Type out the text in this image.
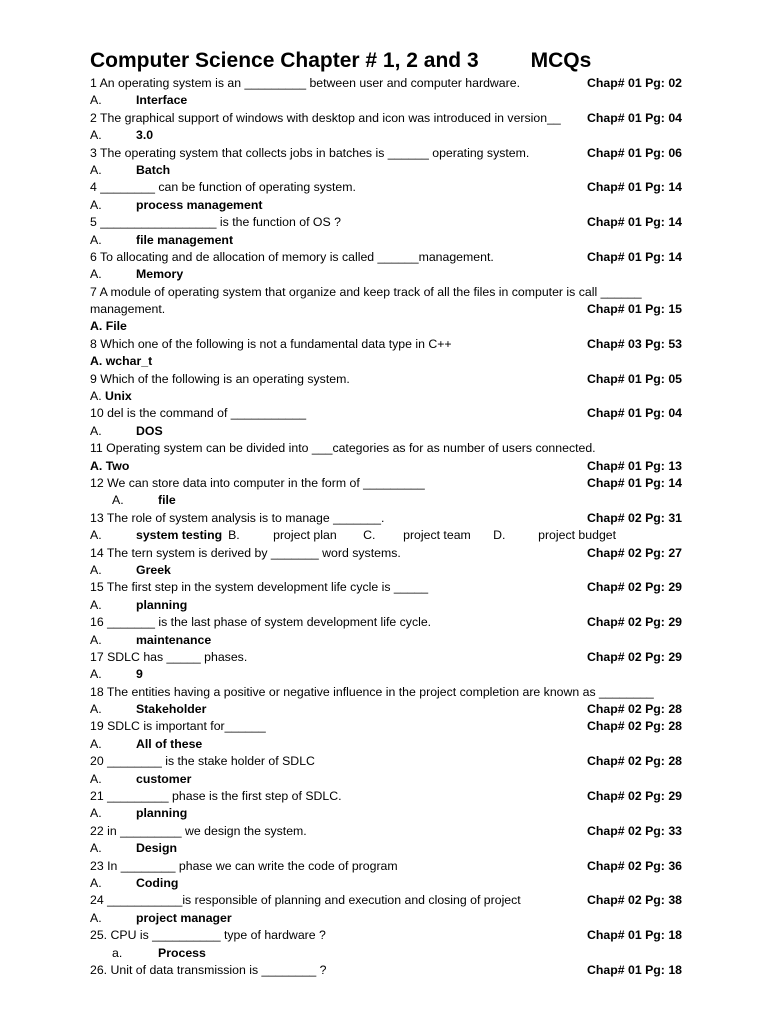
Computer Science Chapter # 1, 2 and 3 MCQs
1 An operating system is an _________ between user and computer hardware.	Chap# 01 Pg: 02
A.	Interface
2 The graphical support of windows with desktop and icon was introduced in version__ Chap# 01 Pg: 04
A.	3.0
3 The operating system that collects jobs in batches is ______ operating system.	Chap# 01 Pg: 06
A.	Batch
4 ________ can be function of operating system.	Chap# 01 Pg: 14
A.	process management
5 _________________ is the function of OS ?	Chap# 01 Pg: 14
A.	file management
6 To allocating and de allocation of memory is called ______management.	Chap# 01 Pg: 14
A.	Memory
7 A module of operating system that organize and keep track of all the files in computer is call ______
management.	Chap# 01 Pg: 15
A. File
8 Which one of the following is not a fundamental data type in C++	Chap# 03 Pg: 53
A. wchar_t
9 Which of the following is an operating system.	Chap# 01 Pg: 05
A. Unix
10 del is the command of ___________	Chap# 01 Pg: 04
A.	DOS
11 Operating system can be divided into ___categories as for as number of users connected.
A. Two	Chap# 01 Pg: 13
12 We can store data into computer in the form of _________	Chap# 01 Pg: 14
A.	file
13 The role of system analysis is to manage _______.	Chap# 02 Pg: 31
A.	system testing B.	project plan C. project team D.	project budget
14 The tern system is derived by _______ word systems.	Chap# 02 Pg: 27
A.	Greek
15 The first step in the system development life cycle is _____	Chap# 02 Pg: 29
A.	planning
16 _______ is the last phase of system development life cycle.	Chap# 02 Pg: 29
A.	maintenance
17 SDLC has _____ phases.	Chap# 02 Pg: 29
A.	9
18 The entities having a positive or negative influence in the project completion are known as ________
A.	Stakeholder	Chap# 02 Pg: 28
19 SDLC is important for______	Chap# 02 Pg: 28
A.	All of these
20 ________ is the stake holder of SDLC	Chap# 02 Pg: 28
A.	customer
21 _________ phase is the first step of SDLC.	Chap# 02 Pg: 29
A.	planning
22 in _________ we design the system.	Chap# 02 Pg: 33
A.	Design
23 In ________ phase we can write the code of program	Chap# 02 Pg: 36
A.	Coding
24 ___________is responsible of planning and execution and closing of project	Chap# 02 Pg: 38
A.	project manager
25. CPU is __________ type of hardware ?	Chap# 01 Pg: 18
a.	Process
26. Unit of data transmission is ________ ?	Chap# 01 Pg: 18
